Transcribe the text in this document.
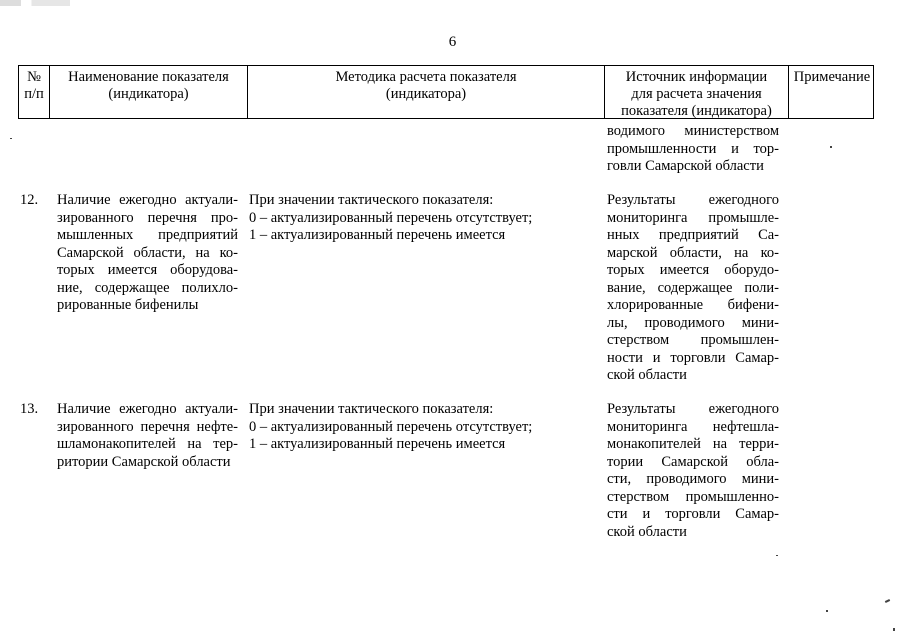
6
№
п/п
Наименование показателя
(индикатора)
Методика расчета показателя
(индикатора)
Источник информации
для расчета значения
показателя (индикатора)
Примечание
водимого министерством
промышленности и тор-
говли Самарской области
12.	Наличие ежегодно актуали-
зированного перечня про-
мышленных предприятий
Самарской области, на ко-
торых имеется оборудова-
ние, содержащее полихло-
рированные бифенилы
При значении тактического показателя:
0 – актуализированный перечень отсутствует;
1 – актуализированный перечень имеется
Результаты ежегодного
мониторинга промышле-
нных предприятий Са-
марской области, на ко-
торых имеется оборудо-
вание, содержащее поли-
хлорированные бифени-
лы, проводимого мини-
стерством промышлен-
ности и торговли Самар-
ской области
13.	Наличие ежегодно актуали-
зированного перечня нефте-
шламонакопителей на тер-
ритории Самарской области
При значении тактического показателя:
0 – актуализированный перечень отсутствует;
1 – актуализированный перечень имеется
Результаты ежегодного
мониторинга нефтешла-
монакопителей на терри-
тории Самарской обла-
сти, проводимого мини-
стерством промышленно-
сти и торговли Самар-
ской области
